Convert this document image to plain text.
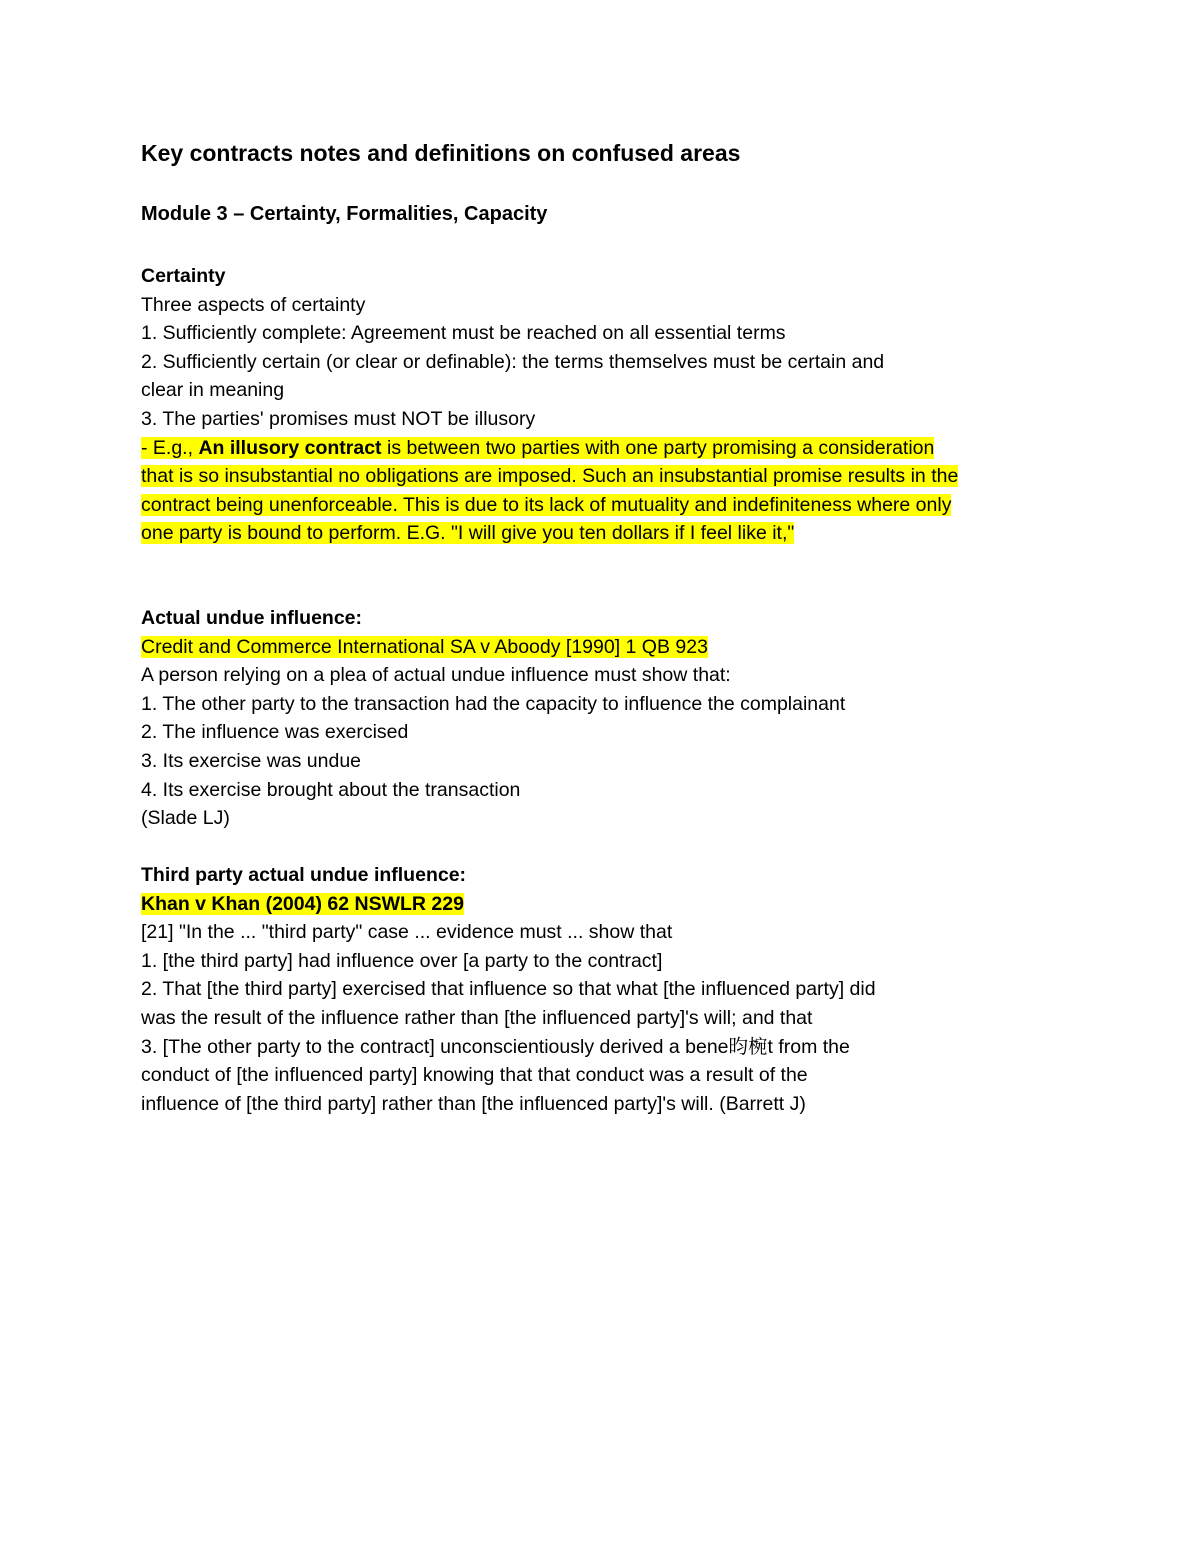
Key contracts notes and definitions on confused areas
Module 3 – Certainty, Formalities, Capacity
Certainty
Three aspects of certainty
1. Sufficiently complete: Agreement must be reached on all essential terms
2. Sufficiently certain (or clear or definable): the terms themselves must be certain and
clear in meaning
3. The parties' promises must NOT be illusory
- E.g., An illusory contract is between two parties with one party promising a consideration
that is so insubstantial no obligations are imposed. Such an insubstantial promise results in the
contract being unenforceable. This is due to its lack of mutuality and indefiniteness where only
one party is bound to perform. E.G. "I will give you ten dollars if I feel like it,"
Actual undue influence:
Credit and Commerce International SA v Aboody [1990] 1 QB 923
A person relying on a plea of actual undue influence must show that:
1. The other party to the transaction had the capacity to influence the complainant
2. The influence was exercised
3. Its exercise was undue
4. Its exercise brought about the transaction
(Slade LJ)
Third party actual undue influence:
Khan v Khan (2004) 62 NSWLR 229
[21] "In the ... "third party" case ... evidence must ... show that
1. [the third party] had influence over [a party to the contract]
2. That [the third party] exercised that influence so that what [the influenced party] did
was the result of the influence rather than [the influenced party]'s will; and that
3. [The other party to the contract] unconscientiously derived a bene昀椀t from the
conduct of [the influenced party] knowing that that conduct was a result of the
influence of [the third party] rather than [the influenced party]'s will. (Barrett J)
